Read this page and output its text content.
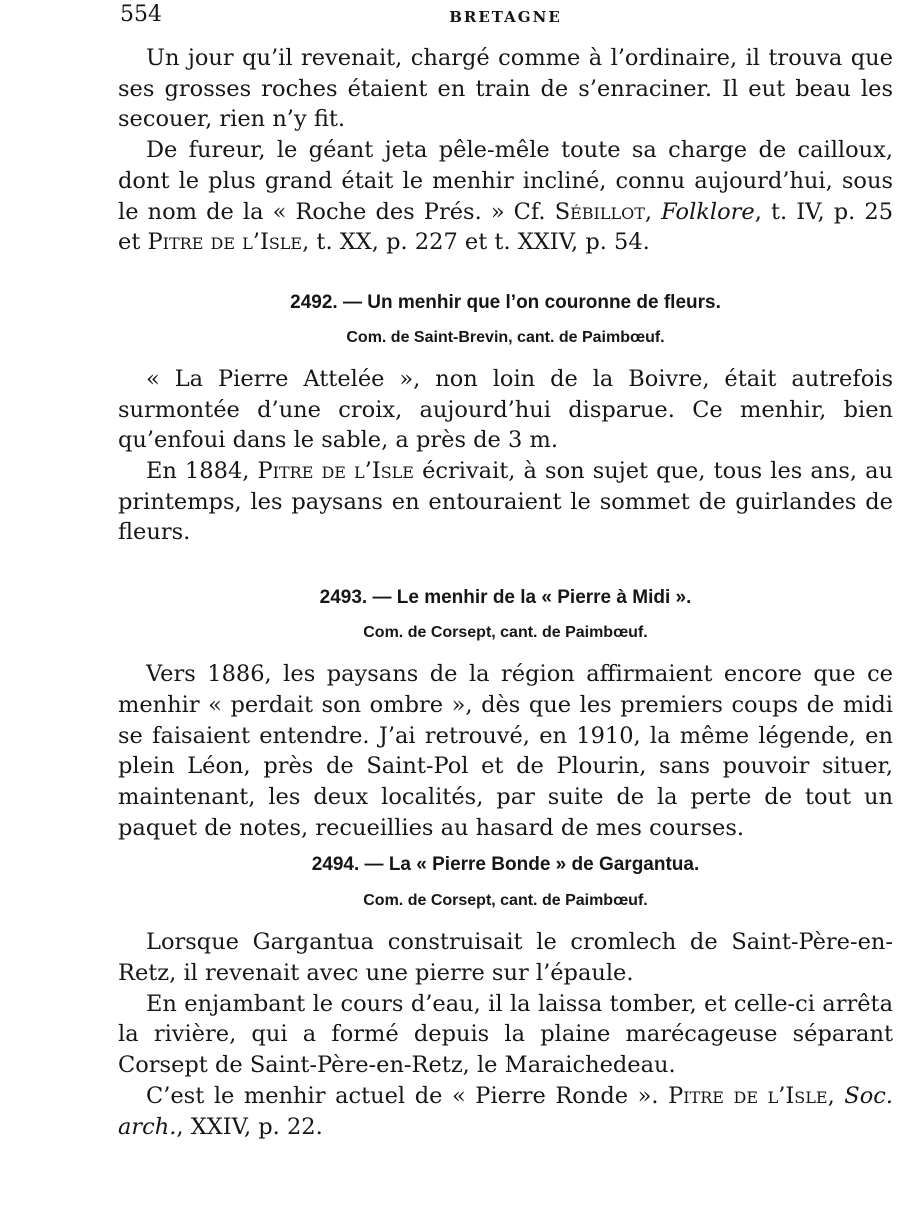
554	BRETAGNE

Un jour qu’il revenait, chargé comme à l’ordinaire, il trouva que ses grosses roches étaient en train de s’enraciner. Il eut beau les secouer, rien n’y fit.

De fureur, le géant jeta pêle-mêle toute sa charge de cailloux, dont le plus grand était le menhir incliné, connu aujourd’hui, sous le nom de la « Roche des Prés. » Cf. Sébillot, Folklore, t. IV, p. 25 et Pitre de l’Isle, t. XX, p. 227 et t. XXIV, p. 54.

2492. — Un menhir que l’on couronne de fleurs.
Com. de Saint-Brevin, cant. de Paimbœuf.

« La Pierre Attelée », non loin de la Boivre, était autrefois surmontée d’une croix, aujourd’hui disparue. Ce menhir, bien qu’enfoui dans le sable, a près de 3 m.

En 1884, Pitre de l’Isle écrivait, à son sujet que, tous les ans, au printemps, les paysans en entouraient le sommet de guirlandes de fleurs.

2493. — Le menhir de la « Pierre à Midi ».
Com. de Corsept, cant. de Paimbœuf.

Vers 1886, les paysans de la région affirmaient encore que ce menhir « perdait son ombre », dès que les premiers coups de midi se faisaient entendre. J’ai retrouvé, en 1910, la même légende, en plein Léon, près de Saint-Pol et de Plourin, sans pouvoir situer, maintenant, les deux localités, par suite de la perte de tout un paquet de notes, recueillies au hasard de mes courses.

2494. — La « Pierre Bonde » de Gargantua.
Com. de Corsept, cant. de Paimbœuf.

Lorsque Gargantua construisait le cromlech de Saint-Père-en-Retz, il revenait avec une pierre sur l’épaule.

En enjambant le cours d’eau, il la laissa tomber, et celle-ci arrêta la rivière, qui a formé depuis la plaine marécageuse séparant Corsept de Saint-Père-en-Retz, le Maraichedeau.

C’est le menhir actuel de « Pierre Ronde ». Pitre de l’Isle, Soc. arch., XXIV, p. 22.
